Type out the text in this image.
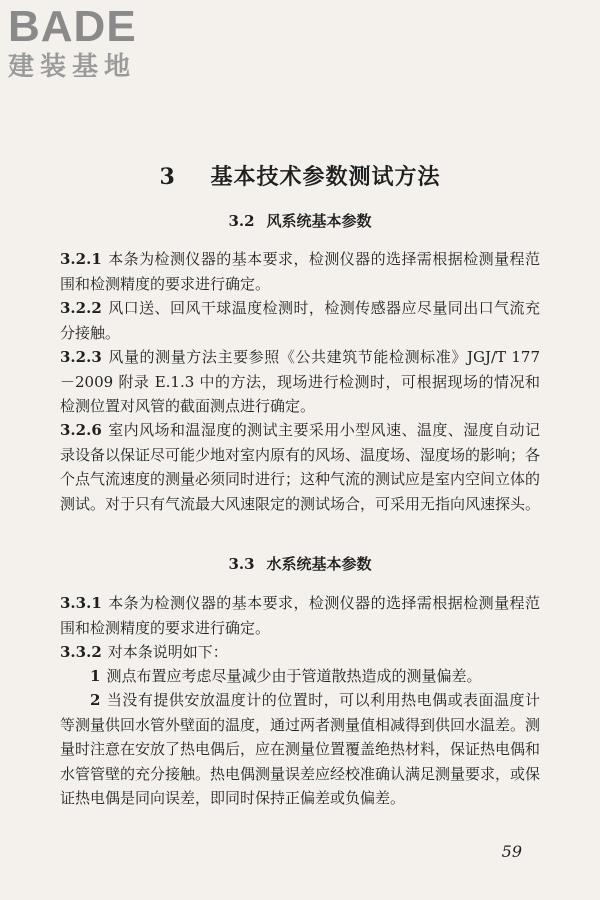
BADE
建装基地
3 基本技术参数测试方法
3.2 风系统基本参数
3.2.1 本条为检测仪器的基本要求，检测仪器的选择需根据检测量程范围和检测精度的要求进行确定。
3.2.2 风口送、回风干球温度检测时，检测传感器应尽量同出口气流充分接触。
3.2.3 风量的测量方法主要参照《公共建筑节能检测标准》JGJ/T 177－2009 附录 E.1.3 中的方法，现场进行检测时，可根据现场的情况和检测位置对风管的截面测点进行确定。
3.2.6 室内风场和温湿度的测试主要采用小型风速、温度、湿度自动记录设备以保证尽可能少地对室内原有的风场、温度场、湿度场的影响；各个点气流速度的测量必须同时进行；这种气流的测试应是室内空间立体的测试。对于只有气流最大风速限定的测试场合，可采用无指向风速探头。
3.3 水系统基本参数
3.3.1 本条为检测仪器的基本要求，检测仪器的选择需根据检测量程范围和检测精度的要求进行确定。
3.3.2 对本条说明如下：
1 测点布置应考虑尽量减少由于管道散热造成的测量偏差。
2 当没有提供安放温度计的位置时，可以利用热电偶或表面温度计等测量供回水管外壁面的温度，通过两者测量值相减得到供回水温差。测量时注意在安放了热电偶后，应在测量位置覆盖绝热材料，保证热电偶和水管管壁的充分接触。热电偶测量误差应经校准确认满足测量要求，或保证热电偶是同向误差，即同时保持正偏差或负偏差。
59
